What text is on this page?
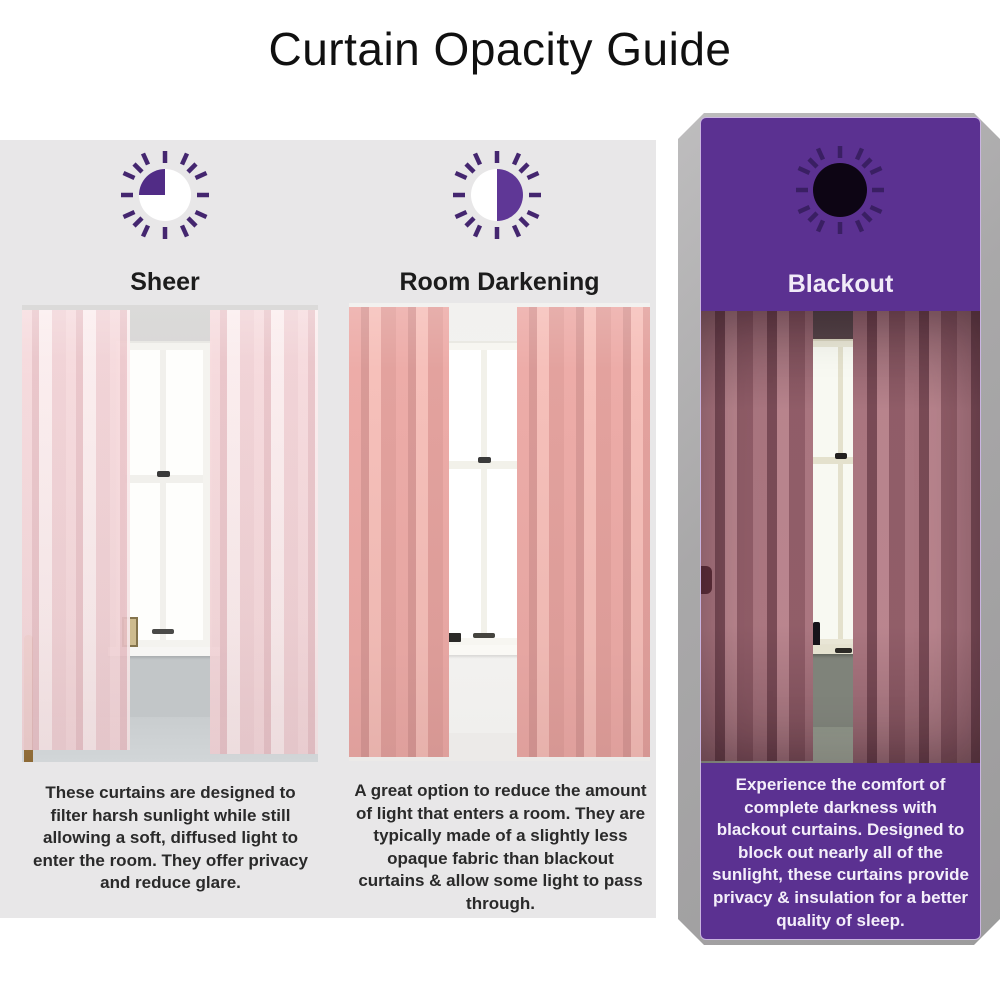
Curtain Opacity Guide
Sheer
These curtains are designed to filter harsh sunlight while still allowing a soft, diffused light to enter the room. They offer privacy and reduce glare.
Room Darkening
A great option to reduce the amount of light that enters a room. They are typically made of a slightly less opaque fabric than blackout curtains & allow some light to pass through.
Blackout
Experience the comfort of complete darkness with blackout curtains. Designed to block out nearly all of the sunlight, these curtains provide privacy & insulation for a better quality of sleep.
